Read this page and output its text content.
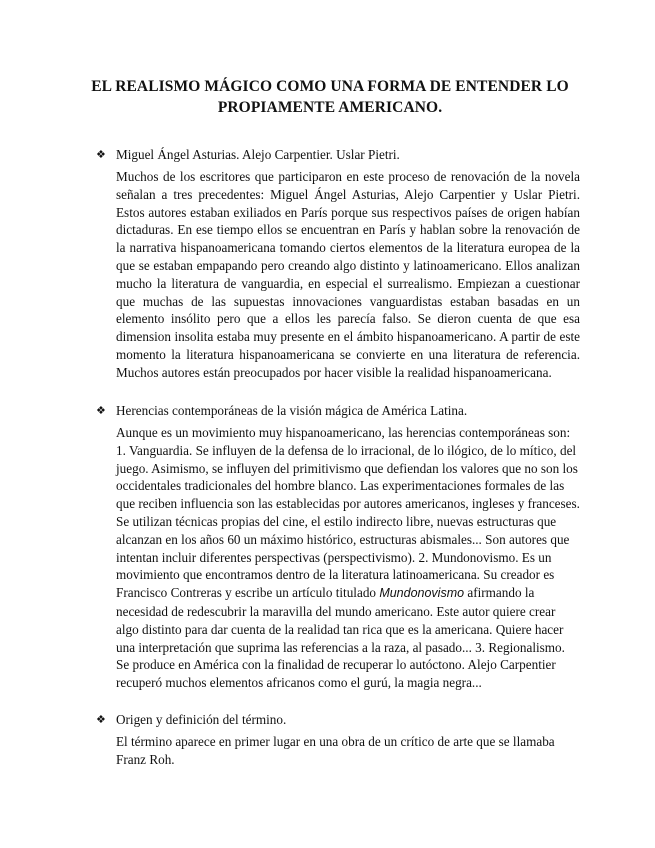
EL REALISMO MÁGICO COMO UNA FORMA DE ENTENDER LO PROPIAMENTE AMERICANO.
❖ Miguel Ángel Asturias. Alejo Carpentier. Uslar Pietri.
Muchos de los escritores que participaron en este proceso de renovación de la novela señalan a tres precedentes: Miguel Ángel Asturias, Alejo Carpentier y Uslar Pietri. Estos autores estaban exiliados en París porque sus respectivos países de origen habían dictaduras. En ese tiempo ellos se encuentran en París y hablan sobre la renovación de la narrativa hispanoamericana tomando ciertos elementos de la literatura europea de la que se estaban empapando pero creando algo distinto y latinoamericano. Ellos analizan mucho la literatura de vanguardia, en especial el surrealismo. Empiezan a cuestionar que muchas de las supuestas innovaciones vanguardistas estaban basadas en un elemento insólito pero que a ellos les parecía falso. Se dieron cuenta de que esa dimension insolita estaba muy presente en el ámbito hispanoamericano. A partir de este momento la literatura hispanoamericana se convierte en una literatura de referencia. Muchos autores están preocupados por hacer visible la realidad hispanoamericana.
❖ Herencias contemporáneas de la visión mágica de América Latina.
Aunque es un movimiento muy hispanoamericano, las herencias contemporáneas son: 1. Vanguardia. Se influyen de la defensa de lo irracional, de lo ilógico, de lo mítico, del juego. Asimismo, se influyen del primitivismo que defiendan los valores que no son los occidentales tradicionales del hombre blanco. Las experimentaciones formales de las que reciben influencia son las establecidas por autores americanos, ingleses y franceses. Se utilizan técnicas propias del cine, el estilo indirecto libre, nuevas estructuras que alcanzan en los años 60 un máximo histórico, estructuras abismales... Son autores que intentan incluir diferentes perspectivas (perspectivismo). 2. Mundonovismo. Es un movimiento que encontramos dentro de la literatura latinoamericana. Su creador es Francisco Contreras y escribe un artículo titulado Mundonovismo afirmando la necesidad de redescubrir la maravilla del mundo americano. Este autor quiere crear algo distinto para dar cuenta de la realidad tan rica que es la americana. Quiere hacer una interpretación que suprima las referencias a la raza, al pasado... 3. Regionalismo. Se produce en América con la finalidad de recuperar lo autóctono. Alejo Carpentier recuperó muchos elementos africanos como el gurú, la magia negra...
❖ Origen y definición del término.
El término aparece en primer lugar en una obra de un crítico de arte que se llamaba Franz Roh.
